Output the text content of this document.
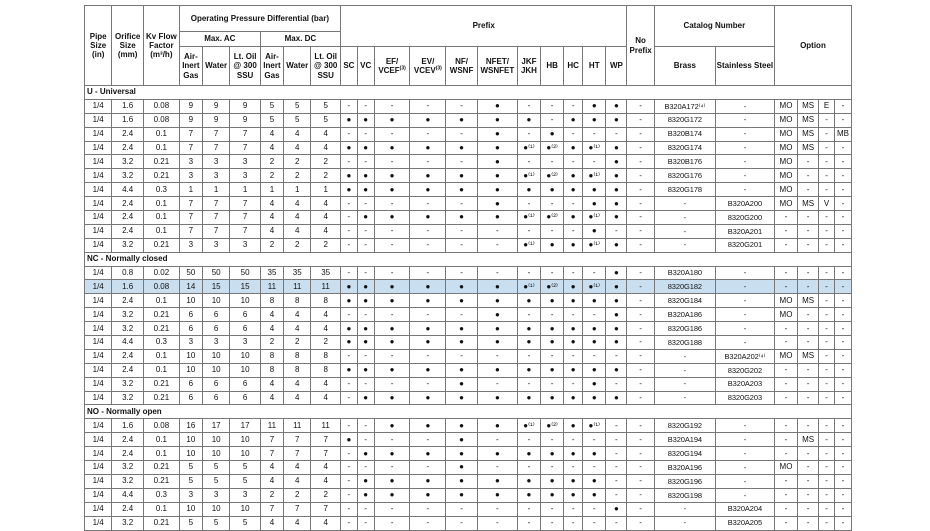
Pipe Size (in)	Orifice Size (mm)	Kv Flow Factor (m³/h)	Operating Pressure Differential (bar)						Prefix											No Prefix	Catalog Number		Option			
			Max. AC			Max. DC																				
			Air-Inert Gas	Water	Lt. Oil @ 300 SSU	Air-Inert Gas	Water	Lt. Oil @ 300 SSU	SC	VC	EF/ VCEF$^{(3)}$	EV/ VCEV$^{(3)}$	NF/ WSNF	NFET/ WSNFET	JKF JKH	HB	HC	HT	WP		Brass	Stainless Steel				
U - Universal																										
1/4	1.6	0.08	9	9	9	5	5	5	-	-	-	-	-	●	-	-	-	●	●	-	B320A172⁽⁴⁾	-	MO	MS	E	-
1/4	1.6	0.08	9	9	9	5	5	5	●	●	●	●	●	●	●	-	●	●	●	-	8320G172	-	MO	MS	-	-
1/4	2.4	0.1	7	7	7	4	4	4	-	-	-	-	-	●	-	●	-	-	-	-	B320B174	-	MO	MS	-	MB
1/4	2.4	0.1	7	7	7	4	4	4	●	●	●	●	●	●	●⁽¹⁾	●⁽²⁾	●	●⁽¹⁾	●	-	8320G174	-	MO	MS	-	-
1/4	3.2	0.21	3	3	3	2	2	2	-	-	-	-	-	●	-	-	-	-	●	-	B320B176	-	MO	-	-	-
1/4	3.2	0.21	3	3	3	2	2	2	●	●	●	●	●	●	●⁽¹⁾	●⁽²⁾	●	●⁽¹⁾	●	-	8320G176	-	MO	-	-	-
1/4	4.4	0.3	1	1	1	1	1	1	●	●	●	●	●	●	●	●	●	●	●	-	8320G178	-	MO	-	-	-
1/4	2.4	0.1	7	7	7	4	4	4	-	-	-	-	-	●	-	-	-	●	●	-	-	B320A200	MO	MS	V	-
1/4	2.4	0.1	7	7	7	4	4	4	-	●	●	●	●	●	●⁽¹⁾	●⁽²⁾	●	●⁽¹⁾	●	-	-	8320G200	-	-	-	-
1/4	2.4	0.1	7	7	7	4	4	4	-	-	-	-	-	-	-	-	-	●	-	-	-	B320A201	-	-	-	-
1/4	3.2	0.21	3	3	3	2	2	2	-	-	-	-	-	-	●⁽¹⁾	●	●	●⁽¹⁾	●	-	-	8320G201	-	-	-	-
NC - Normally closed																										
1/4	0.8	0.02	50	50	50	35	35	35	-	-	-	-	-	-	-	-	-	-	●	-	B320A180	-	-	-	-	-
1/4	1.6	0.08	14	15	15	11	11	11	●	●	●	●	●	●	●⁽¹⁾	●⁽²⁾	●	●⁽¹⁾	●	-	8320G182	-	-	-	-	-
1/4	2.4	0.1	10	10	10	8	8	8	●	●	●	●	●	●	●	●	●	●	●	-	8320G184	-	MO	MS	-	-
1/4	3.2	0.21	6	6	6	4	4	4	-	-	-	-	-	●	-	-	-	-	●	-	B320A186	-	MO	-	-	-
1/4	3.2	0.21	6	6	6	4	4	4	●	●	●	●	●	●	●	●	●	●	●	-	8320G186	-	-	-	-	-
1/4	4.4	0.3	3	3	3	2	2	2	●	●	●	●	●	●	●	●	●	●	●	-	8320G188	-	-	-	-	-
1/4	2.4	0.1	10	10	10	8	8	8	-	-	-	-	-	-	-	-	-	-	-	-	-	B320A202⁽⁴⁾	MO	MS	-	-
1/4	2.4	0.1	10	10	10	8	8	8	●	●	●	●	●	●	●	●	●	●	●	-	-	8320G202	-	-	-	-
1/4	3.2	0.21	6	6	6	4	4	4	-	-	-	-	●	-	-	-	-	●	-	-	-	B320A203	-	-	-	-
1/4	3.2	0.21	6	6	6	4	4	4	-	●	●	●	●	●	●	●	●	●	●	-	-	8320G203	-	-	-	-
NO - Normally open																										
1/4	1.6	0.08	16	17	17	11	11	11	-	-	●	●	●	●	●⁽¹⁾	●⁽²⁾	●	●⁽¹⁾	-	-	8320G192	-	-	-	-	-
1/4	2.4	0.1	10	10	10	7	7	7	●	-	-	-	●	-	-	-	-	-	-	-	B320A194	-	-	MS	-	-
1/4	2.4	0.1	10	10	10	7	7	7	-	●	●	●	●	●	●	●	●	●	-	-	8320G194	-	-	-	-	-
1/4	3.2	0.21	5	5	5	4	4	4	-	-	-	-	●	-	-	-	-	-	-	-	B320A196	-	MO	-	-	-
1/4	3.2	0.21	5	5	5	4	4	4	-	●	●	●	●	●	●	●	●	●	-	-	8320G196	-	-	-	-	-
1/4	4.4	0.3	3	3	3	2	2	2	-	●	●	●	●	●	●	●	●	●	-	-	8320G198	-	-	-	-	-
1/4	2.4	0.1	10	10	10	7	7	7	-	-	-	-	-	-	-	-	-	-	●	-	-	B320A204	-	-	-	-
1/4	3.2	0.21	5	5	5	4	4	4	-	-	-	-	-	-	-	-	-	-	-	-	-	B320A205	-	-	-	-
